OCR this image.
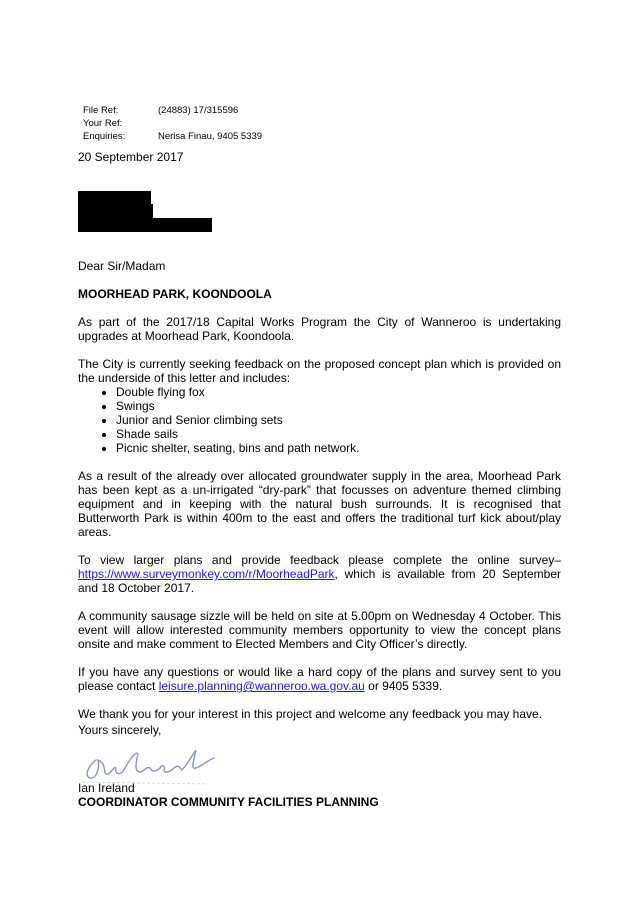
File Ref:	(24883) 17/315596
Your Ref:
Enquiries:	Nerisa Finau, 9405 5339
20 September 2017
Dear Sir/Madam
MOORHEAD PARK, KOONDOOLA

As part of the 2017/18 Capital Works Program the City of Wanneroo is undertaking upgrades at Moorhead Park, Koondoola.

The City is currently seeking feedback on the proposed concept plan which is provided on the underside of this letter and includes:

• Double flying fox
• Swings
• Junior and Senior climbing sets
• Shade sails
• Picnic shelter, seating, bins and path network.

As a result of the already over allocated groundwater supply in the area, Moorhead Park has been kept as a un-irrigated “dry-park” that focusses on adventure themed climbing equipment and in keeping with the natural bush surrounds. It is recognised that Butterworth Park is within 400m to the east and offers the traditional turf kick about/play areas.

To view larger plans and provide feedback please complete the online survey– https://www.surveymonkey.com/r/MoorheadPark, which is available from 20 September and 18 October 2017.

A community sausage sizzle will be held on site at 5.00pm on Wednesday 4 October. This event will allow interested community members opportunity to view the concept plans onsite and make comment to Elected Members and City Officer’s directly.

If you have any questions or would like a hard copy of the plans and survey sent to you please contact leisure.planning@wanneroo.wa.gov.au or 9405 5339.

We thank you for your interest in this project and welcome any feedback you may have.

Yours sincerely,
Ian Ireland
COORDINATOR COMMUNITY FACILITIES PLANNING
